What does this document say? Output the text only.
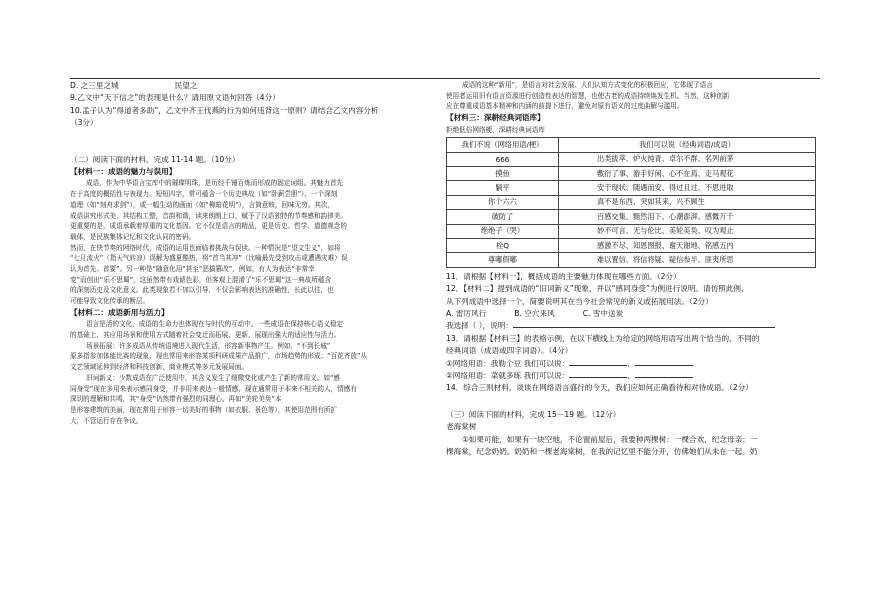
D. 之三里之城	民望之
9.乙文中“天下信之”的表现是什么？请用原文语句回答（4分）
10.孟子认为“得道者多助”，乙文中齐王伐燕的行为如何违背这一原则？请结合乙文内容分析
（3分）
（二）阅读下面的材料，完成 11-14 题。（10分）
【材料一：成语的魅力与误用】
成语，作为中华语言宝库中的璀璨明珠，是历经千锤百炼而形成的固定词组。其魅力首先
在于高度的概括性与表现力。短短四字，常可蕴含一个历史典故（如“卧薪尝胆”）、一个深刻
道理（如“刻舟求剑”），或一幅生动的画面（如“柳暗花明”），言简意赅，回味无穷。其次，
成语讲究形式美，其结构工整，音韵和谐，读来朗朗上口，赋予了汉语独特的节奏感和韵律美。
更重要的是，成语承载着厚重的文化基因。它不仅是语言的精品，更是历史、哲学、道德观念的
载体，是民族集体记忆和文化认同的密码。
然而，在快节奏的网络时代，成语的运用也面临着挑战与误读。一种情况是“望文生义”，如将
“七月流火”（指天气转凉）误解为盛夏酷热，将“首当其冲”（比喻最先受到攻击或遭遇灾难）误
认为首先、首要”。另一种是“随意化用”甚至“恶搞篡改”，例如，有人为表达“非常幸
变”而创出“乐不思蜀”，这虽然带有戏谑色彩，但客观上混淆了“乐不思蜀”这一典故所蕴含
的深刻历史及文化意义。此类现象若不加以引导，不仅会影响表达的准确性，长此以往，也
可能导致文化传承的断层。
【材料二：成语新用与活力】
语言是活的文化，成语的生命力也体现在与时代的互动中。一些成语在保持核心语义稳定
的基础上，其应用场景和使用方式随着社会变迁而拓展、更新，展现出强大的适应性与活力。
场景拓展：许多成语从传统语境进入现代生活，形容新事物产生。例如，“不到长城”
原多指参加体能比赛的现象，现也常用来形容某项科研成果产品推广，市场趋势的形成；“百花齐放”从
文艺领域延伸到经济和科技创新，商业模式等多元发展局面。
旧词新义：少数成语在广泛使用中，其含义发生了细微变化或产生了新的常用义。如“感
同身受”现在多用来表示感同身受，并非用来表达一般情感，现在通常用于本来不相关的人，情感有
深切的理解和共鸣，其“身受”仍然带有强烈的同理心。再如“美轮美奂”本
是形容建筑的美丽，现在常用于形容一切美好的事物（如衣服、景色等），其使用范围有所扩
大，不管运行存在争议。
成语的这种“新用”，是语言对社会发展、人们认知方式变化的积极回应，它体现了语言
使用者运用旧有语言资源进行创造性表达的智慧，也使古老的成语持续焕发生机。当然，这种创新
应在尊重成语基本精神和内涵的前提下进行，避免对原有语义的过度曲解与滥用。
【材料三：深耕经典词语库】
拒绝低俗网络梗，深耕经典词语库
我们不说（网络用语/梗）	我们可以说（经典词语/成语）
666	出类拔萃、炉火纯青、卓尔不群、名列前茅
摸鱼	敷衍了事、游手好闲、心不在焉、走马观花
躺平	安于现状、随遇而安、得过且过、不思进取
你个六六	真不是东西、突如其来、兴不顾生
破防了	百感交集、黯然泪下、心潮澎湃、感慨万千
绝绝子（哭）	妙不可言、无与伦比、美轮美奂、叹为观止
栓Q	感激不尽、知恩图报、谢天谢地、铭感五内
尊嘟假嘟	难以置信、将信将疑、疑信参半、匪夷所思
11．请根据【材料一】，概括成语的主要魅力体现在哪些方面。（2分）
12．【材料二】提到成语的“旧词新义”现象，并以“感同身受”为例进行说明。请仿照此例，
从下列成语中选择一个，简要说明其在当今社会常见的新义或拓展用法。（2分）
A. 雷厉风行	B. 空穴来风	C. 雪中送炭
我选择（ ），说明：
13．请根据【材料三】的表格示例，在以下横线上为给定的网络用语写出两个恰当的、不同的
经典词语（成语或四字词语）。（4分）
①网络用语：我勒个豆 我们可以说：	、
②网络用语：菜就多练 我们可以说：	、
14．综合三则材料，谈谈在网络语言盛行的今天，我们应如何正确看待和对待成语。（2分）
（三）阅读下面的材料，完成 15－19 题。（12分）
老海棠树
①如果可能，如果有一块空地，不论窗前屋后，我要种两棵树：一棵合欢，纪念母亲；一
棵海棠，纪念奶奶。奶奶和一棵老海棠树，在我的记忆里不能分开，仿佛她们从未在一起。奶
